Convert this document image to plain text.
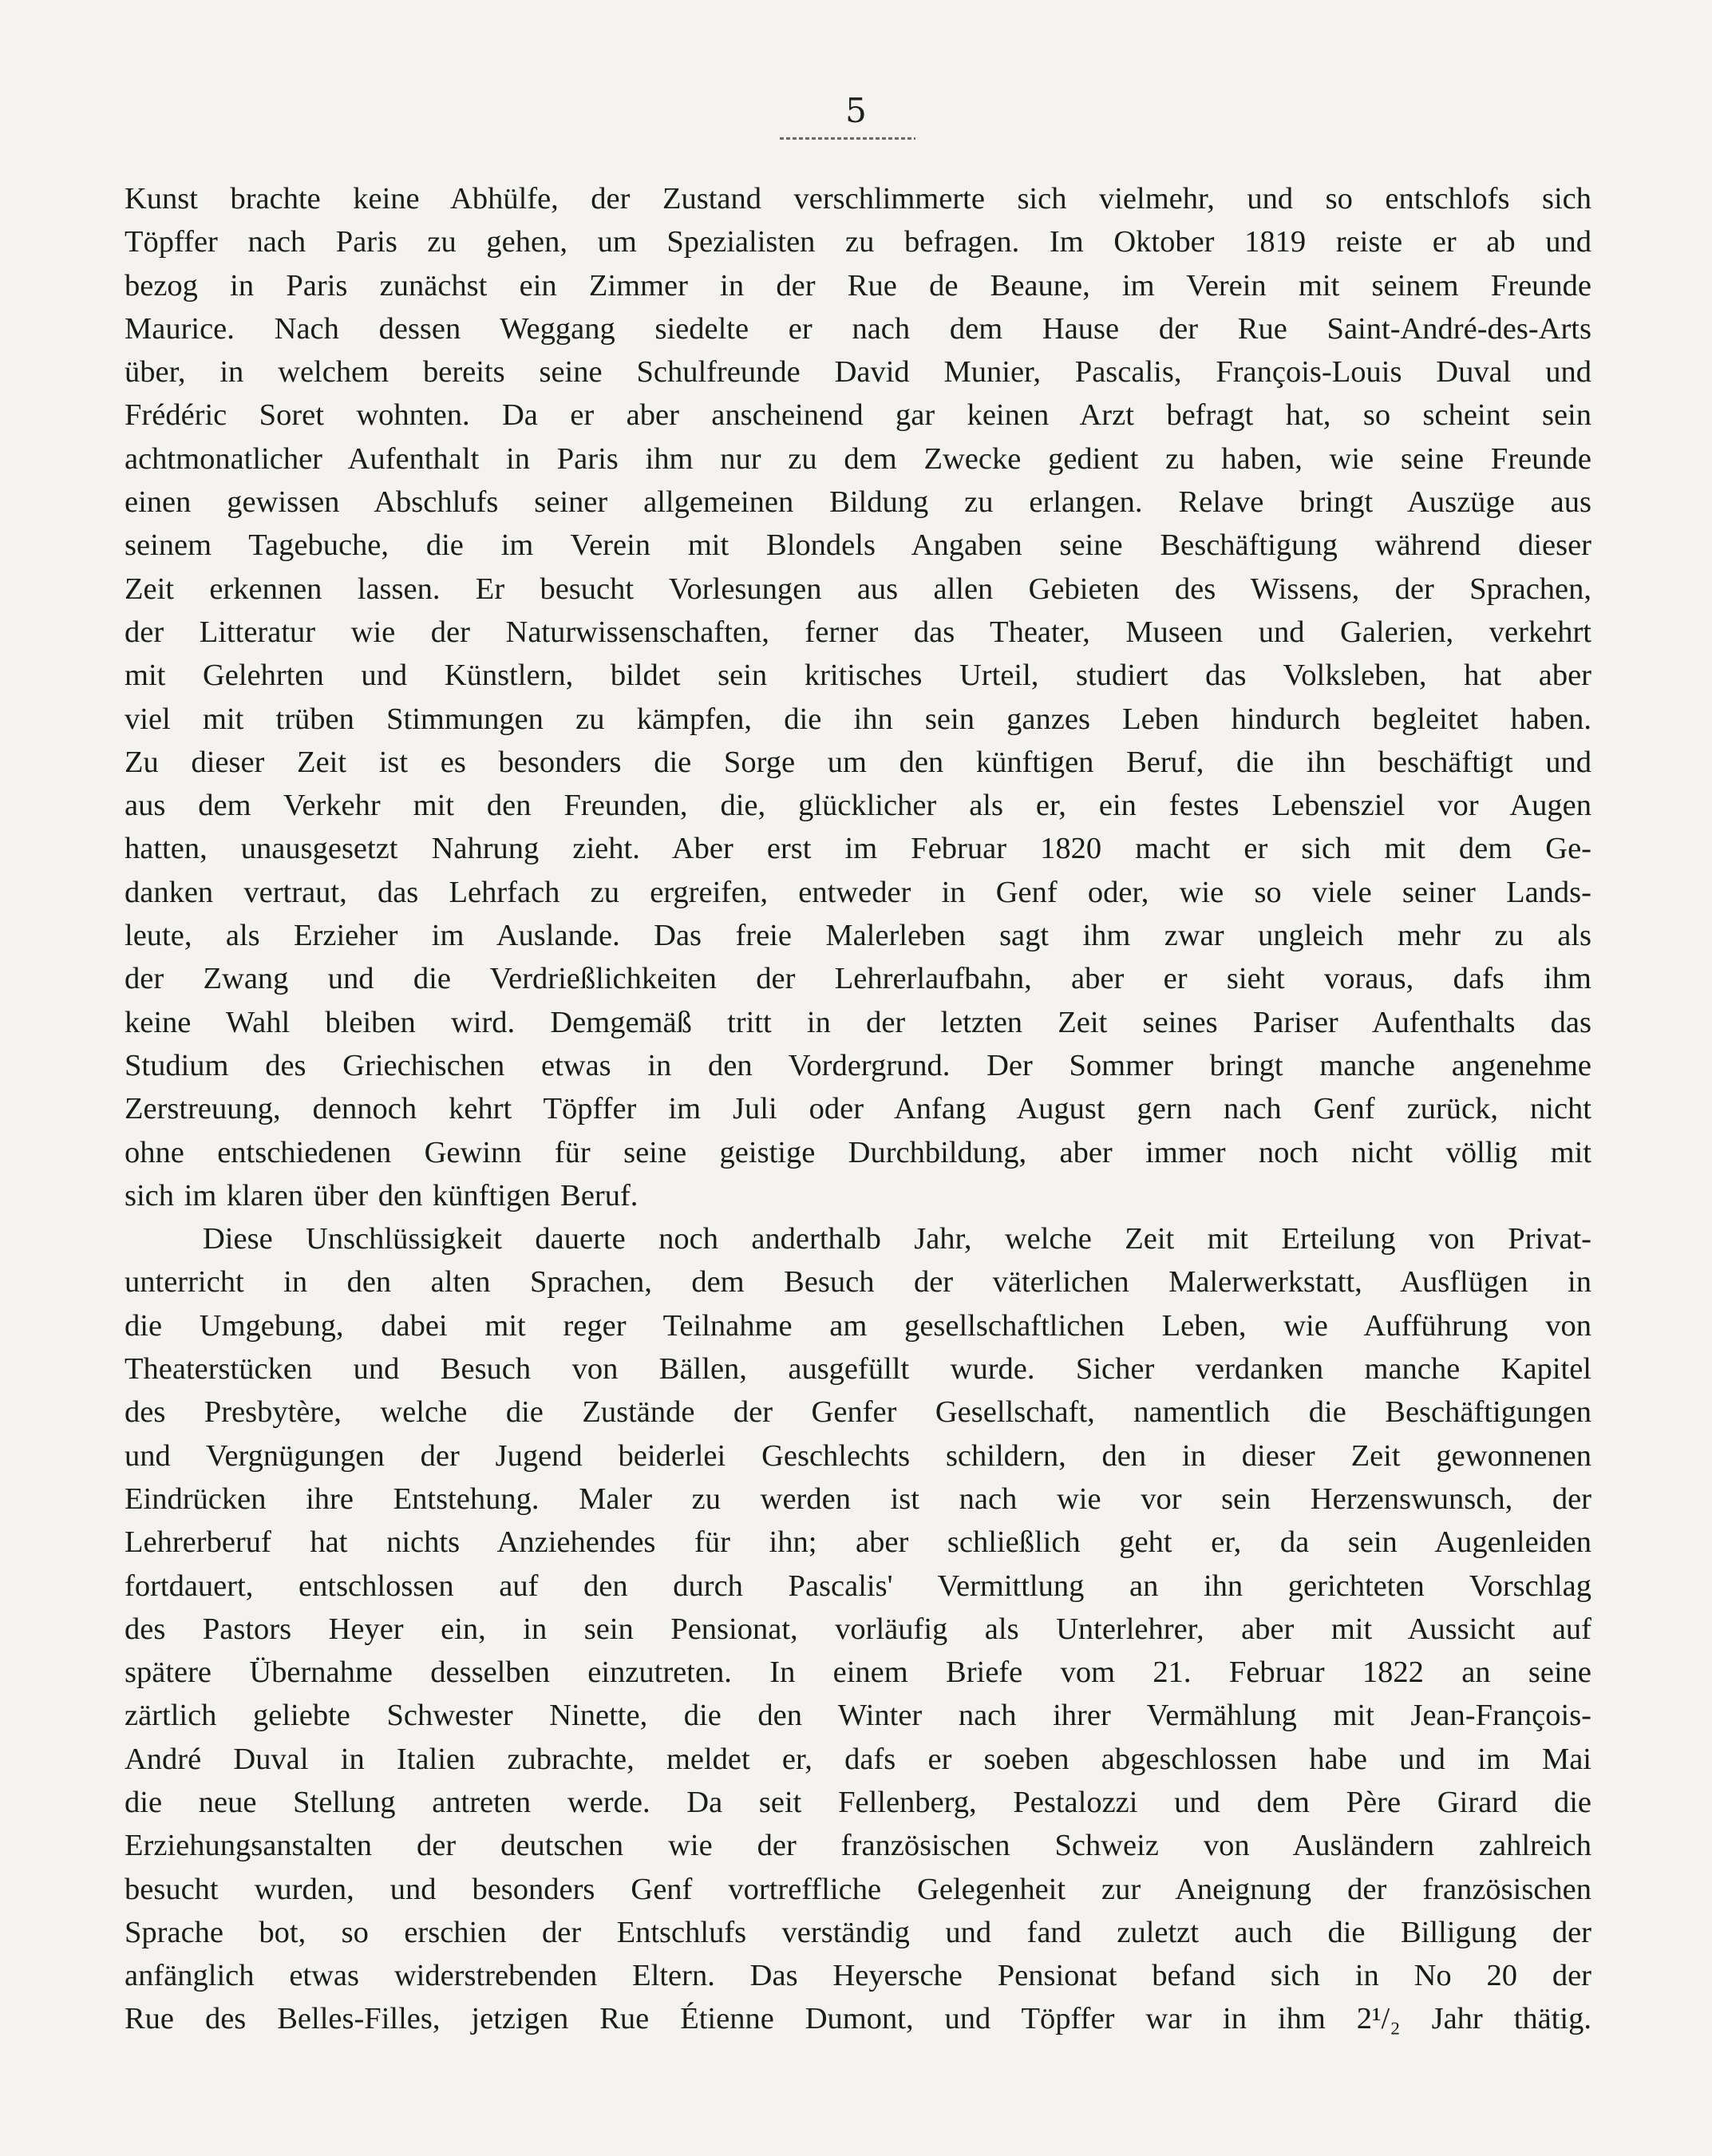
5
Kunst brachte keine Abhülfe, der Zustand verschlimmerte sich vielmehr, und so entschlofs sich
Töpffer nach Paris zu gehen, um Spezialisten zu befragen. Im Oktober 1819 reiste er ab und
bezog in Paris zunächst ein Zimmer in der Rue de Beaune, im Verein mit seinem Freunde
Maurice. Nach dessen Weggang siedelte er nach dem Hause der Rue Saint-André-des-Arts
über, in welchem bereits seine Schulfreunde David Munier, Pascalis, François-Louis Duval und
Frédéric Soret wohnten. Da er aber anscheinend gar keinen Arzt befragt hat, so scheint sein
achtmonatlicher Aufenthalt in Paris ihm nur zu dem Zwecke gedient zu haben, wie seine Freunde
einen gewissen Abschlufs seiner allgemeinen Bildung zu erlangen. Relave bringt Auszüge aus
seinem Tagebuche, die im Verein mit Blondels Angaben seine Beschäftigung während dieser
Zeit erkennen lassen. Er besucht Vorlesungen aus allen Gebieten des Wissens, der Sprachen,
der Litteratur wie der Naturwissenschaften, ferner das Theater, Museen und Galerien, verkehrt
mit Gelehrten und Künstlern, bildet sein kritisches Urteil, studiert das Volksleben, hat aber
viel mit trüben Stimmungen zu kämpfen, die ihn sein ganzes Leben hindurch begleitet haben.
Zu dieser Zeit ist es besonders die Sorge um den künftigen Beruf, die ihn beschäftigt und
aus dem Verkehr mit den Freunden, die, glücklicher als er, ein festes Lebensziel vor Augen
hatten, unausgesetzt Nahrung zieht. Aber erst im Februar 1820 macht er sich mit dem Ge-
danken vertraut, das Lehrfach zu ergreifen, entweder in Genf oder, wie so viele seiner Lands-
leute, als Erzieher im Auslande. Das freie Malerleben sagt ihm zwar ungleich mehr zu als
der Zwang und die Verdrießlichkeiten der Lehrerlaufbahn, aber er sieht voraus, dafs ihm
keine Wahl bleiben wird. Demgemäß tritt in der letzten Zeit seines Pariser Aufenthalts das
Studium des Griechischen etwas in den Vordergrund. Der Sommer bringt manche angenehme
Zerstreuung, dennoch kehrt Töpffer im Juli oder Anfang August gern nach Genf zurück, nicht
ohne entschiedenen Gewinn für seine geistige Durchbildung, aber immer noch nicht völlig mit
sich im klaren über den künftigen Beruf.
Diese Unschlüssigkeit dauerte noch anderthalb Jahr, welche Zeit mit Erteilung von Privat-
unterricht in den alten Sprachen, dem Besuch der väterlichen Malerwerkstatt, Ausflügen in
die Umgebung, dabei mit reger Teilnahme am gesellschaftlichen Leben, wie Aufführung von
Theaterstücken und Besuch von Bällen, ausgefüllt wurde. Sicher verdanken manche Kapitel
des Presbytère, welche die Zustände der Genfer Gesellschaft, namentlich die Beschäftigungen
und Vergnügungen der Jugend beiderlei Geschlechts schildern, den in dieser Zeit gewonnenen
Eindrücken ihre Entstehung. Maler zu werden ist nach wie vor sein Herzenswunsch, der
Lehrerberuf hat nichts Anziehendes für ihn; aber schließlich geht er, da sein Augenleiden
fortdauert, entschlossen auf den durch Pascalis' Vermittlung an ihn gerichteten Vorschlag
des Pastors Heyer ein, in sein Pensionat, vorläufig als Unterlehrer, aber mit Aussicht auf
spätere Übernahme desselben einzutreten. In einem Briefe vom 21. Februar 1822 an seine
zärtlich geliebte Schwester Ninette, die den Winter nach ihrer Vermählung mit Jean-François-
André Duval in Italien zubrachte, meldet er, dafs er soeben abgeschlossen habe und im Mai
die neue Stellung antreten werde. Da seit Fellenberg, Pestalozzi und dem Père Girard die
Erziehungsanstalten der deutschen wie der französischen Schweiz von Ausländern zahlreich
besucht wurden, und besonders Genf vortreffliche Gelegenheit zur Aneignung der französischen
Sprache bot, so erschien der Entschlufs verständig und fand zuletzt auch die Billigung der
anfänglich etwas widerstrebenden Eltern. Das Heyersche Pensionat befand sich in No 20 der
Rue des Belles-Filles, jetzigen Rue Étienne Dumont, und Töpffer war in ihm 2¹/₂ Jahr thätig.
